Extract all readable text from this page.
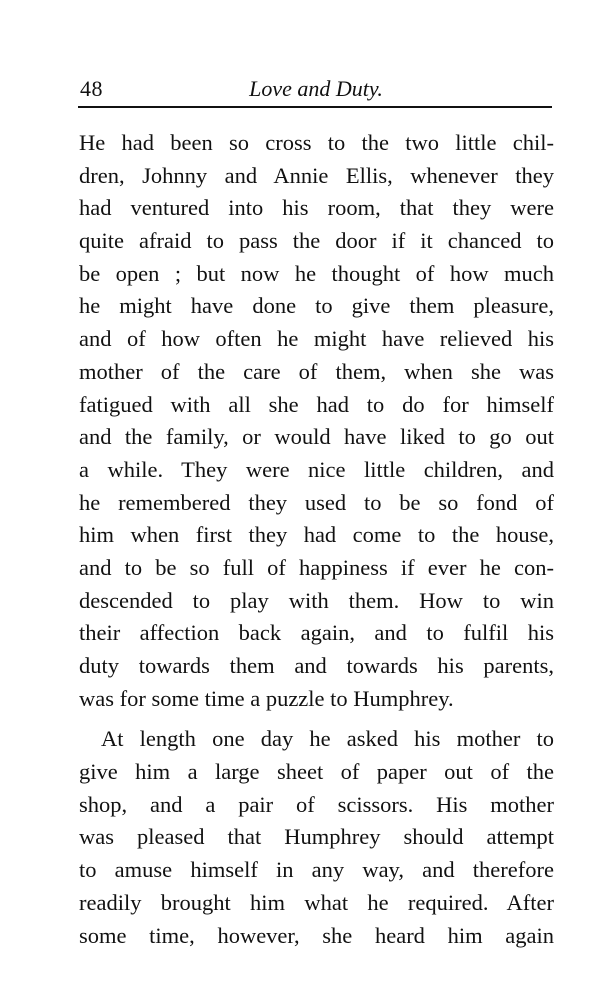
48	Love and Duty.
He had been so cross to the two little chil-
dren, Johnny and Annie Ellis, whenever they
had ventured into his room, that they were
quite afraid to pass the door if it chanced to
be open ; but now he thought of how much
he might have done to give them pleasure,
and of how often he might have relieved his
mother of the care of them, when she was
fatigued with all she had to do for himself
and the family, or would have liked to go out
a while. They were nice little children, and
he remembered they used to be so fond of
him when first they had come to the house,
and to be so full of happiness if ever he con-
descended to play with them. How to win
their affection back again, and to fulfil his
duty towards them and towards his parents,
was for some time a puzzle to Humphrey.
At length one day he asked his mother to
give him a large sheet of paper out of the
shop, and a pair of scissors. His mother
was pleased that Humphrey should attempt
to amuse himself in any way, and therefore
readily brought him what he required. After
some time, however, she heard him again
